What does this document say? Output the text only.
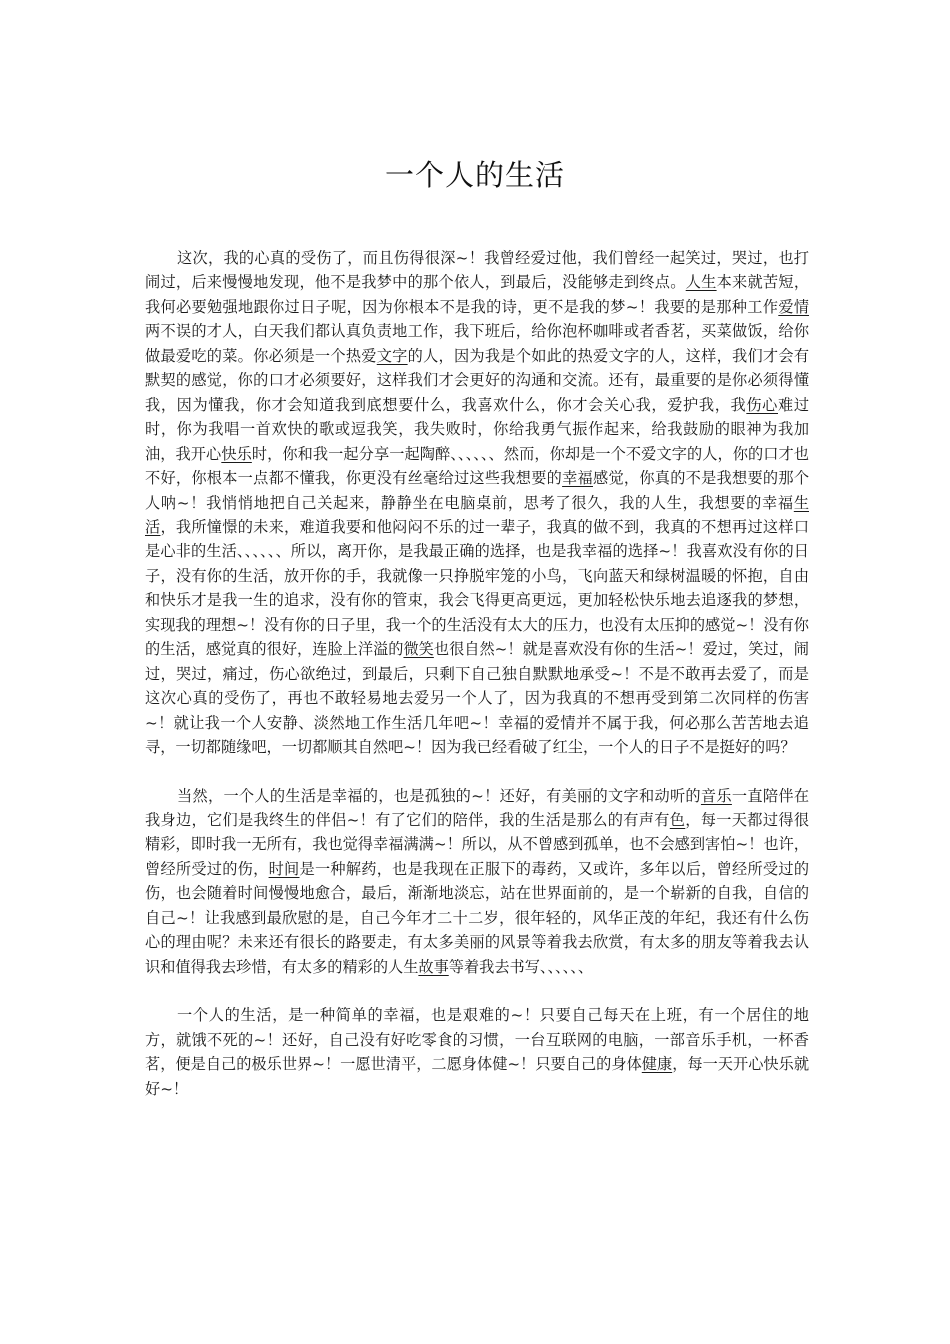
一个人的生活

这次，我的心真的受伤了，而且伤得很深~！我曾经爱过他，我们曾经一起笑过，哭过，也打闹过，后来慢慢地发现，他不是我梦中的那个依人，到最后，没能够走到终点。人生本来就苦短，我何必要勉强地跟你过日子呢，因为你根本不是我的诗，更不是我的梦~！我要的是那种工作爱情两不误的才人，白天我们都认真负责地工作，我下班后，给你泡杯咖啡或者香茗，买菜做饭，给你做最爱吃的菜。你必须是一个热爱文字的人，因为我是个如此的热爱文字的人，这样，我们才会有默契的感觉，你的口才必须要好，这样我们才会更好的沟通和交流。还有，最重要的是你必须得懂我，因为懂我，你才会知道我到底想要什么，我喜欢什么，你才会关心我，爱护我，我伤心难过时，你为我唱一首欢快的歌或逗我笑，我失败时，你给我勇气振作起来，给我鼓励的眼神为我加油，我开心快乐时，你和我一起分享一起陶醉、、、、、、然而，你却是一个不爱文字的人，你的口才也不好，你根本一点都不懂我，你更没有丝毫给过这些我想要的幸福感觉，你真的不是我想要的那个人呐~！我悄悄地把自己关起来，静静坐在电脑桌前，思考了很久，我的人生，我想要的幸福生活，我所憧憬的未来，难道我要和他闷闷不乐的过一辈子，我真的做不到，我真的不想再过这样口是心非的生活、、、、、、所以，离开你，是我最正确的选择，也是我幸福的选择~！我喜欢没有你的日子，没有你的生活，放开你的手，我就像一只挣脱牢笼的小鸟，飞向蓝天和绿树温暖的怀抱，自由和快乐才是我一生的追求，没有你的管束，我会飞得更高更远，更加轻松快乐地去追逐我的梦想，实现我的理想~！没有你的日子里，我一个的生活没有太大的压力，也没有太压抑的感觉~！没有你的生活，感觉真的很好，连脸上洋溢的微笑也很自然~！就是喜欢没有你的生活~！爱过，笑过，闹过，哭过，痛过，伤心欲绝过，到最后，只剩下自己独自默默地承受~！不是不敢再去爱了，而是这次心真的受伤了，再也不敢轻易地去爱另一个人了，因为我真的不想再受到第二次同样的伤害~！就让我一个人安静、淡然地工作生活几年吧~！幸福的爱情并不属于我，何必那么苦苦地去追寻，一切都随缘吧，一切都顺其自然吧~！因为我已经看破了红尘，一个人的日子不是挺好的吗？

当然，一个人的生活是幸福的，也是孤独的~！还好，有美丽的文字和动听的音乐一直陪伴在我身边，它们是我终生的伴侣~！有了它们的陪伴，我的生活是那么的有声有色，每一天都过得很精彩，即时我一无所有，我也觉得幸福满满~！所以，从不曾感到孤单，也不会感到害怕~！也许，曾经所受过的伤，时间是一种解药，也是我现在正服下的毒药，又或许，多年以后，曾经所受过的伤，也会随着时间慢慢地愈合，最后，渐渐地淡忘，站在世界面前的，是一个崭新的自我，自信的自己~！让我感到最欣慰的是，自己今年才二十二岁，很年轻的，风华正茂的年纪，我还有什么伤心的理由呢？未来还有很长的路要走，有太多美丽的风景等着我去欣赏，有太多的朋友等着我去认识和值得我去珍惜，有太多的精彩的人生故事等着我去书写、、、、、、

一个人的生活，是一种简单的幸福，也是艰难的~！只要自己每天在上班，有一个居住的地方，就饿不死的~！还好，自己没有好吃零食的习惯，一台互联网的电脑，一部音乐手机，一杯香茗，便是自己的极乐世界~！一愿世清平，二愿身体健~！只要自己的身体健康，每一天开心快乐就好~！
